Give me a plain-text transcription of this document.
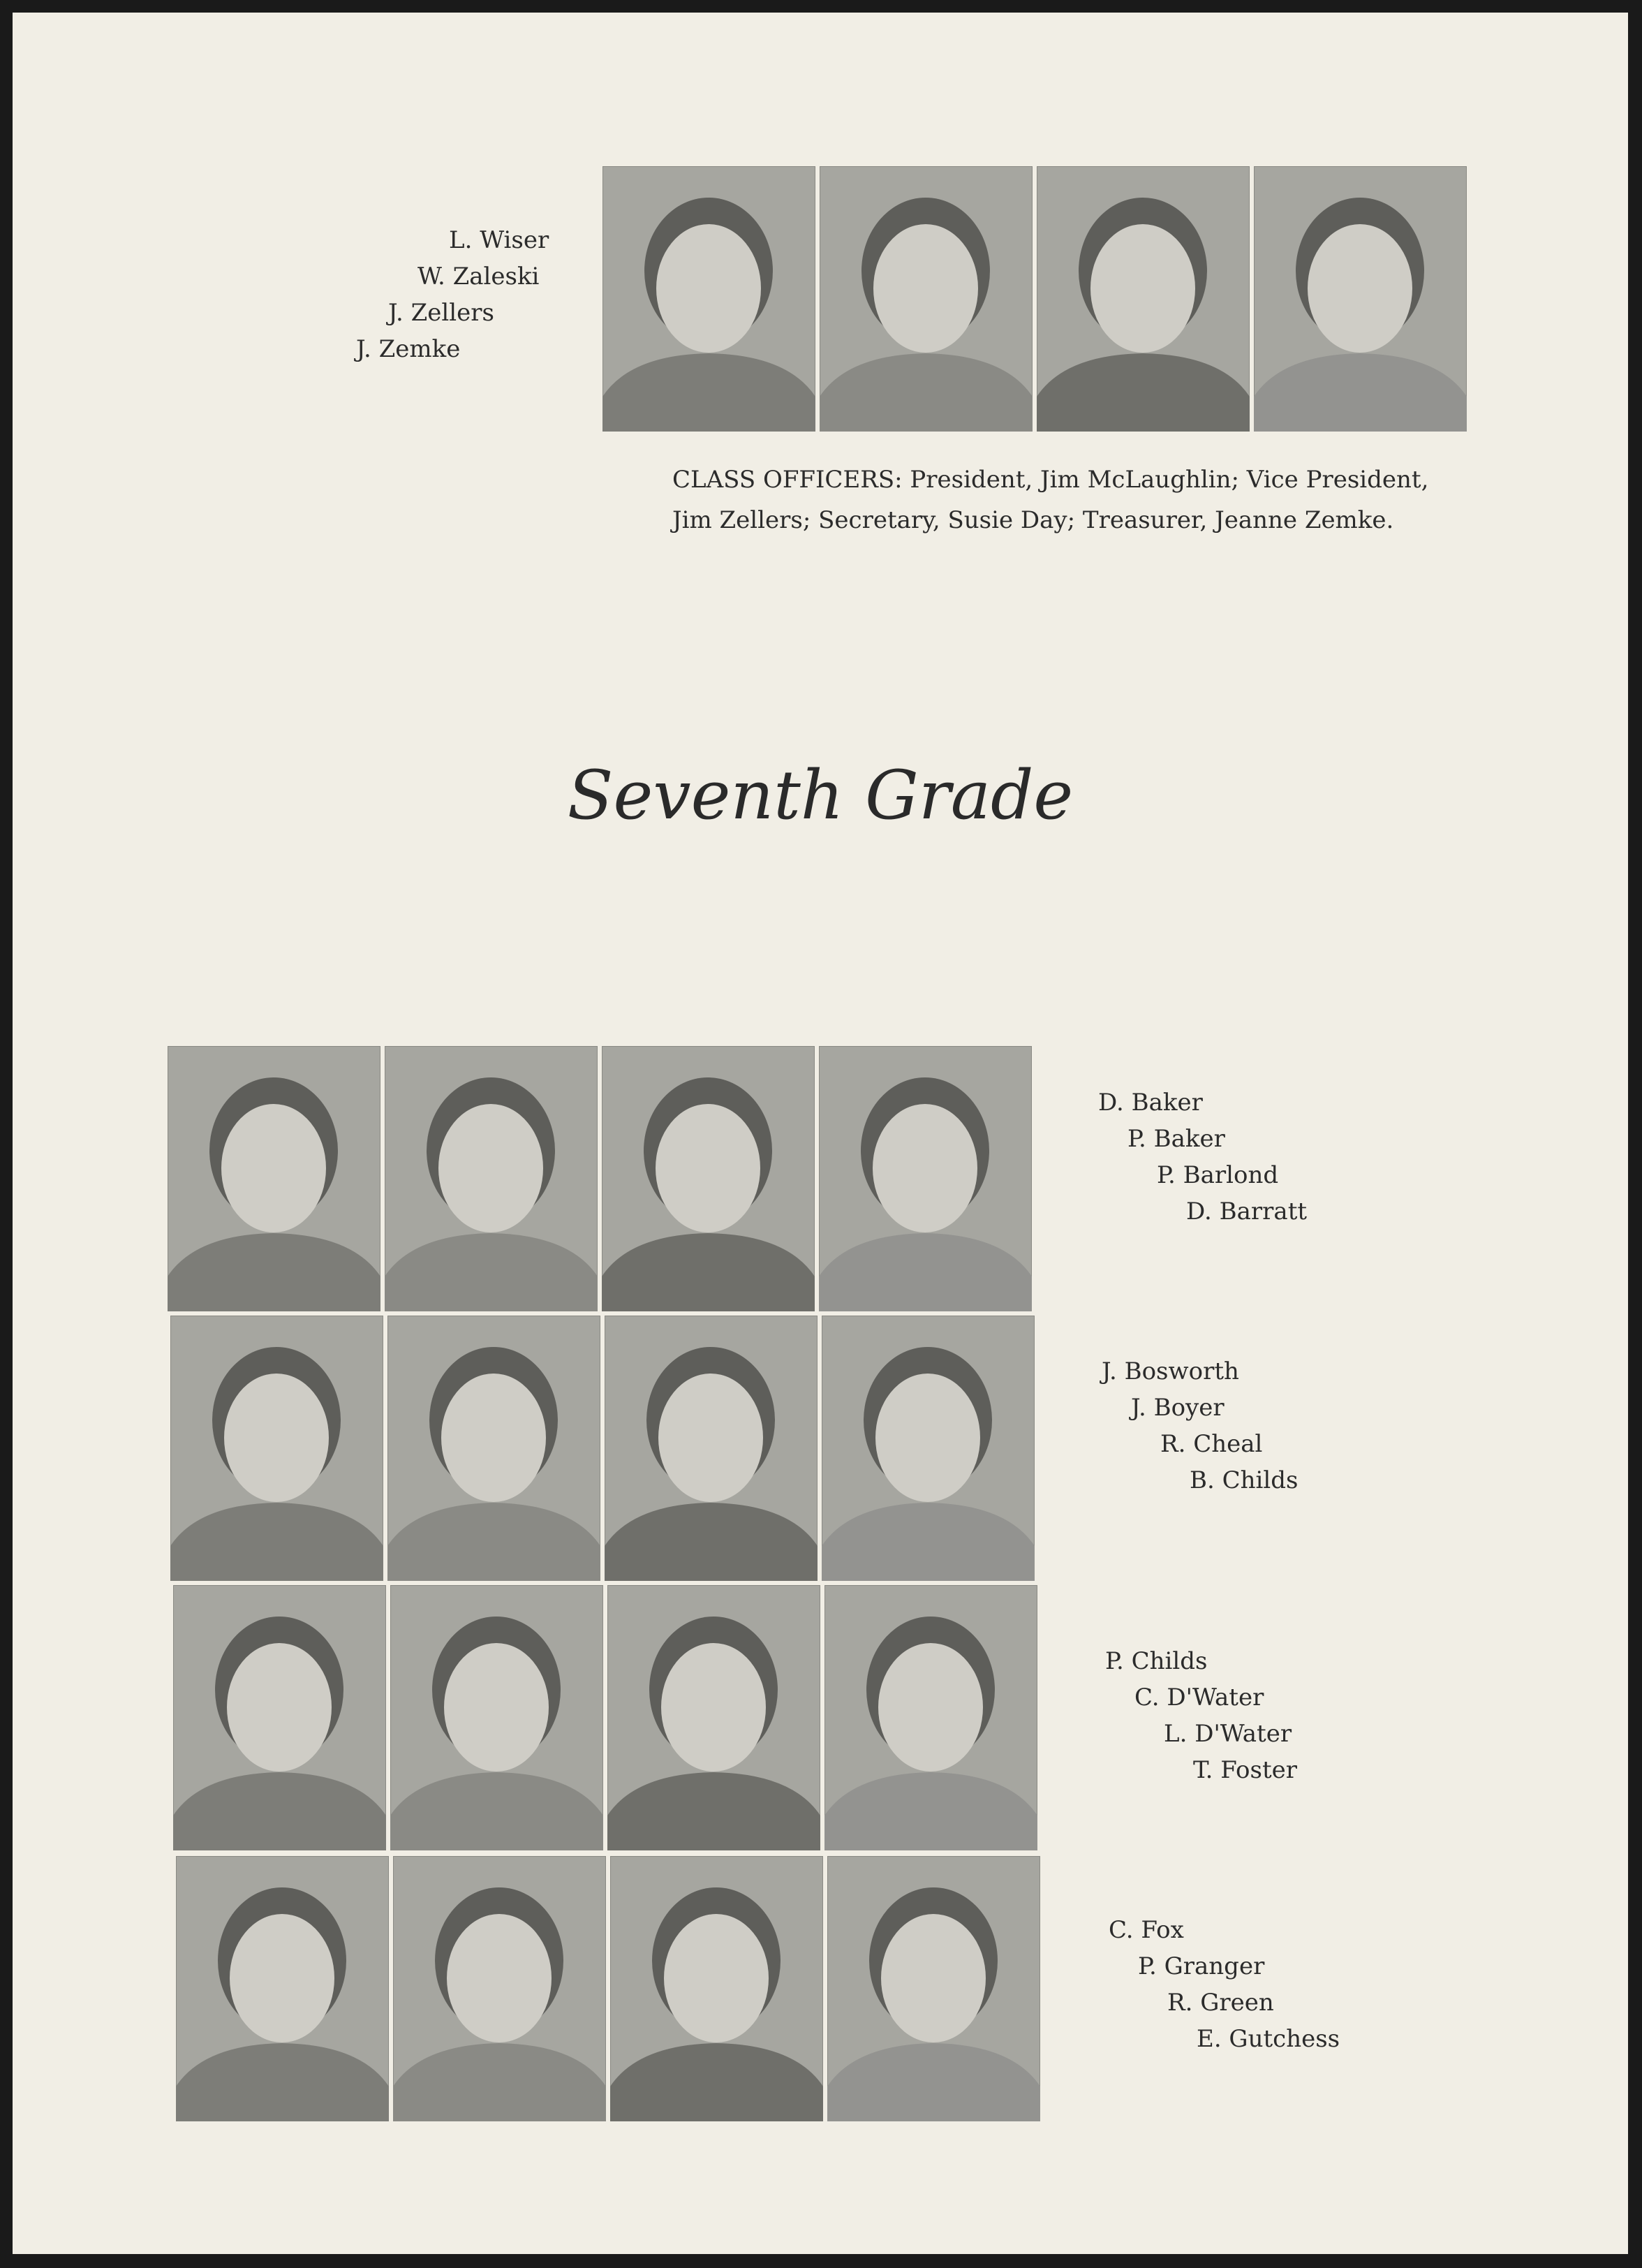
L. Wiser
W. Zaleski
J. Zellers
J. Zemke
CLASS OFFICERS: President, Jim McLaughlin; Vice President, Jim Zellers; Secretary, Susie Day; Treasurer, Jeanne Zemke.
Seventh Grade
D. Baker
P. Baker
P. Barlond
D. Barratt
J. Bosworth
J. Boyer
R. Cheal
B. Childs
P. Childs
C. D'Water
L. D'Water
T. Foster
C. Fox
P. Granger
R. Green
E. Gutchess
